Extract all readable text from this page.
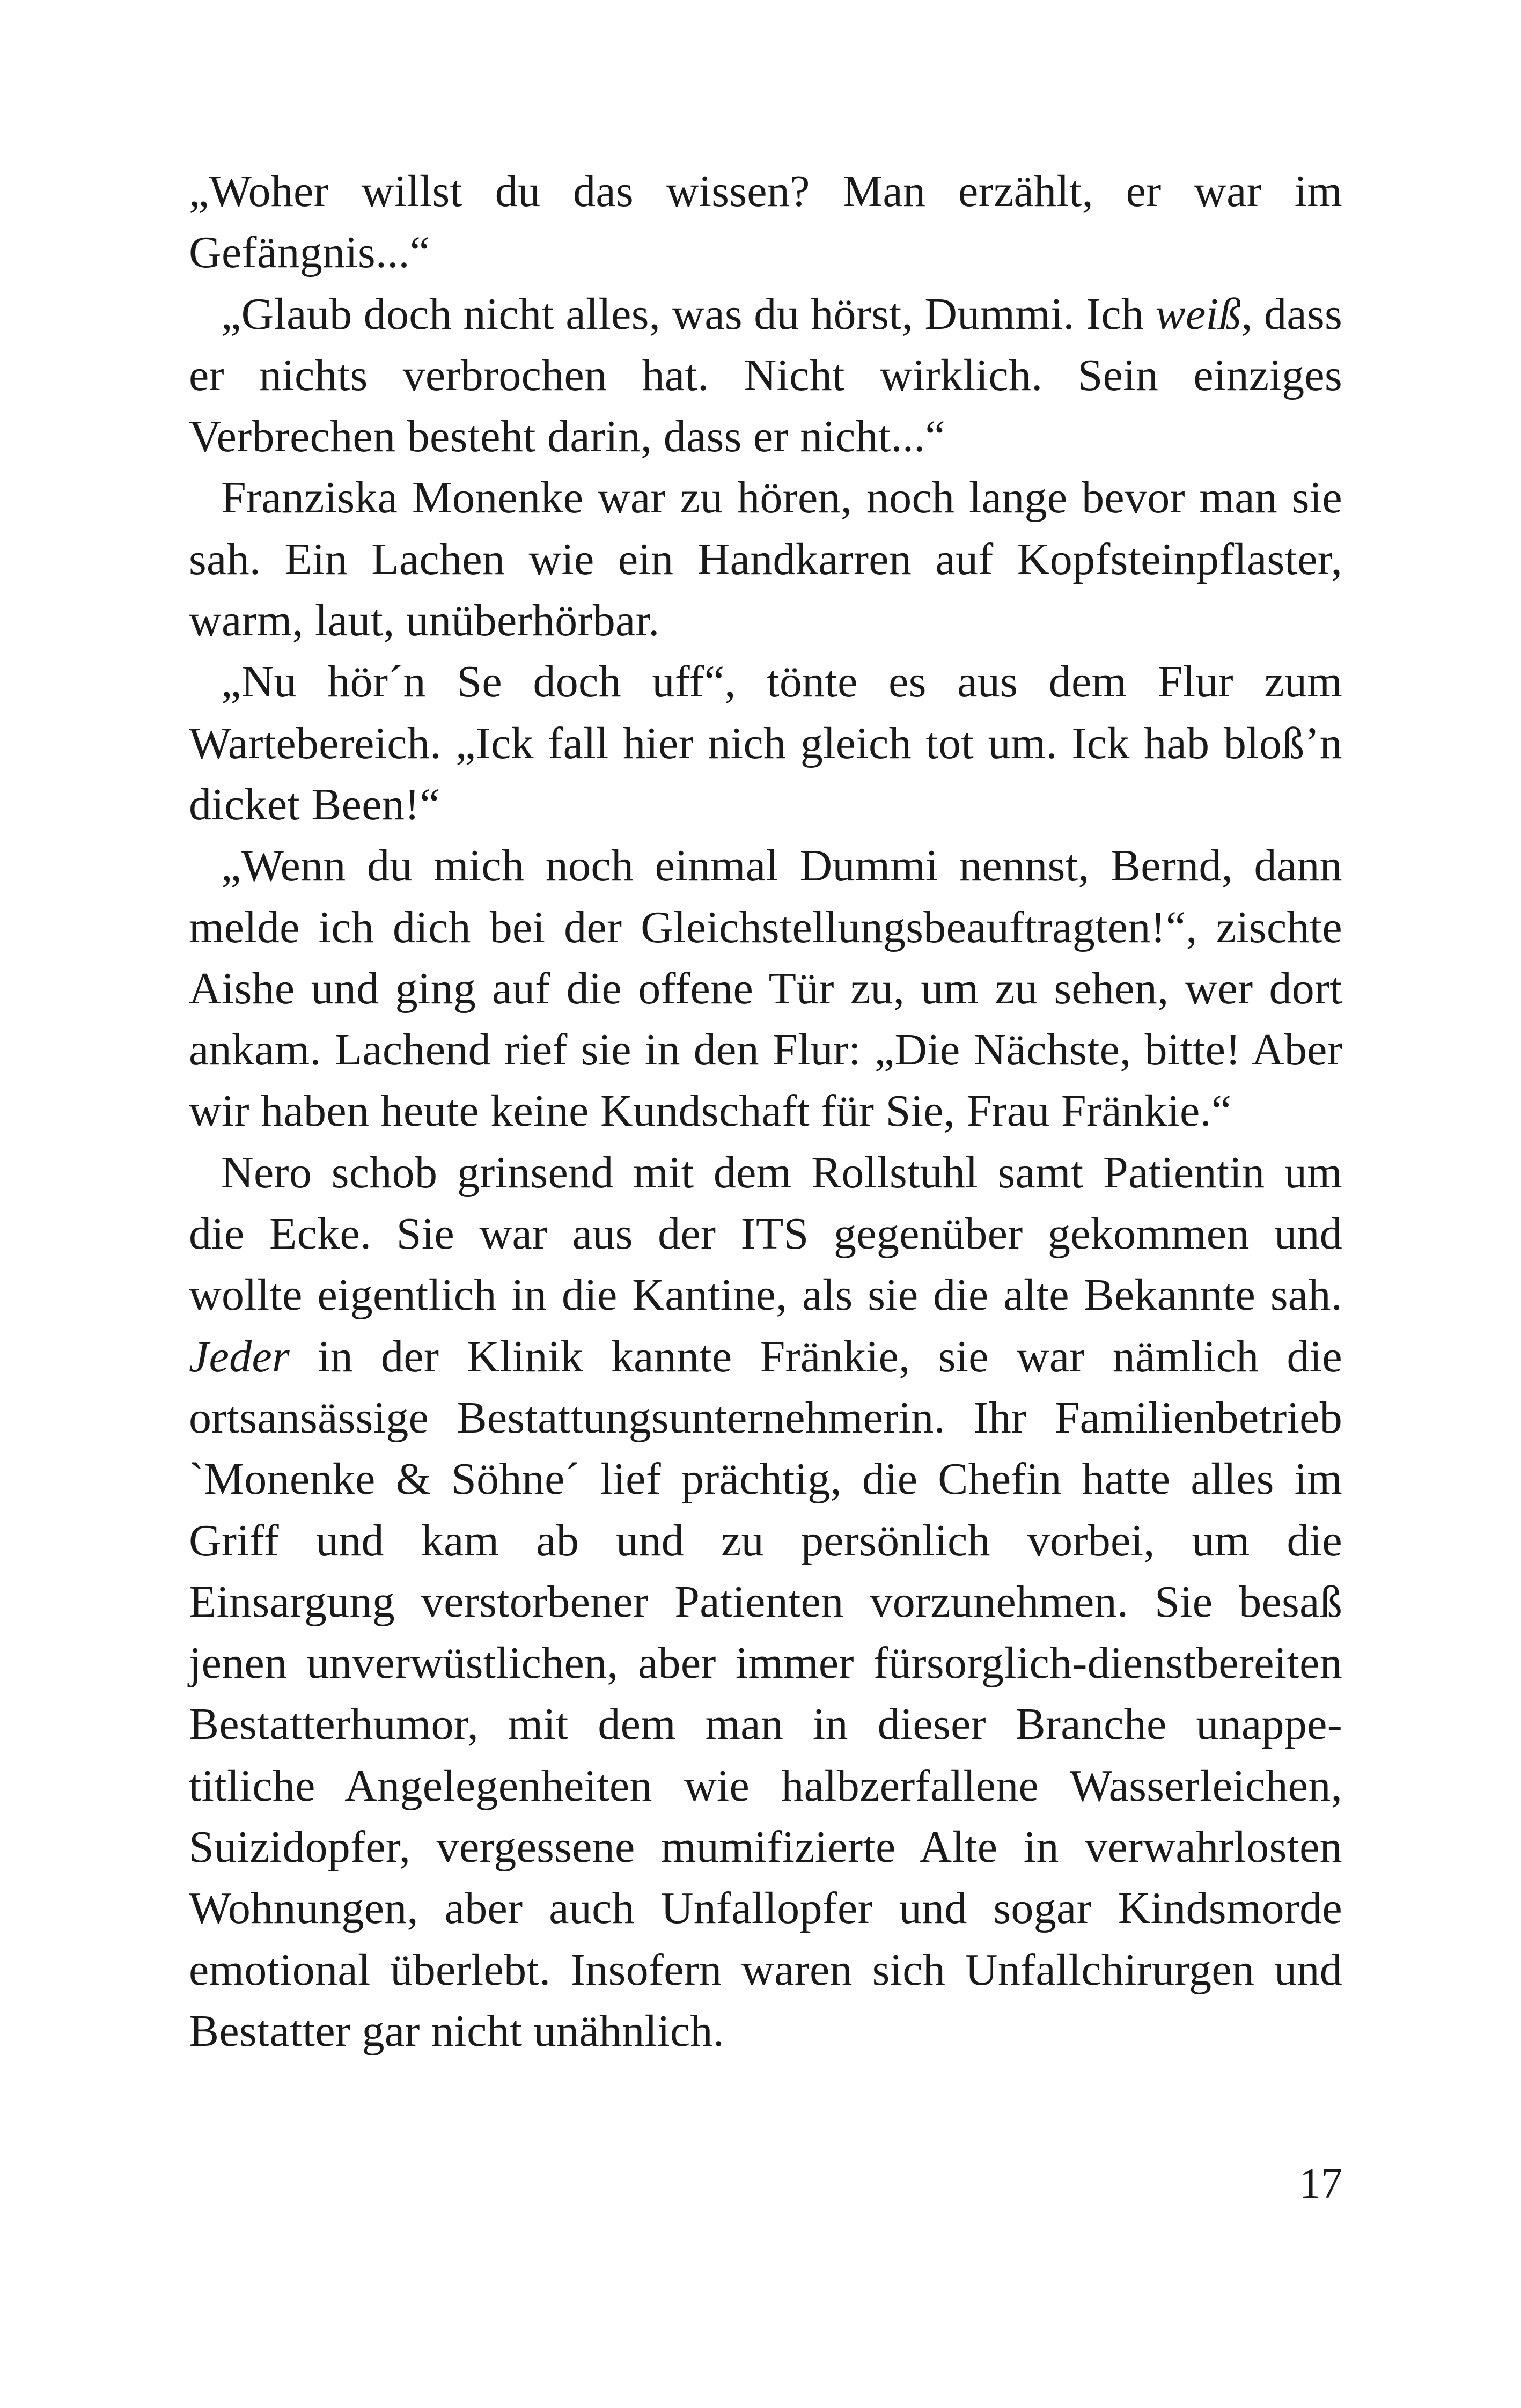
„Woher willst du das wissen? Man erzählt, er war im
Gefängnis...“
„Glaub doch nicht alles, was du hörst, Dummi. Ich weiß, dass
er nichts verbrochen hat. Nicht wirklich. Sein einziges
Verbrechen besteht darin, dass er nicht...“
Franziska Monenke war zu hören, noch lange bevor man sie
sah. Ein Lachen wie ein Handkarren auf Kopfsteinpflaster,
warm, laut, unüberhörbar.
„Nu hör´n Se doch uff“, tönte es aus dem Flur zum
Wartebereich. „Ick fall hier nich gleich tot um. Ick hab bloß’n
dicket Been!“
„Wenn du mich noch einmal Dummi nennst, Bernd, dann
melde ich dich bei der Gleichstellungsbeauftragten!“, zischte
Aishe und ging auf die offene Tür zu, um zu sehen, wer dort
ankam. Lachend rief sie in den Flur: „Die Nächste, bitte! Aber
wir haben heute keine Kundschaft für Sie, Frau Fränkie.“
Nero schob grinsend mit dem Rollstuhl samt Patientin um
die Ecke. Sie war aus der ITS gegenüber gekommen und
wollte eigentlich in die Kantine, als sie die alte Bekannte sah.
Jeder in der Klinik kannte Fränkie, sie war nämlich die
ortsansässige Bestattungsunternehmerin. Ihr Familienbetrieb
`Monenke & Söhne´ lief prächtig, die Chefin hatte alles im
Griff und kam ab und zu persönlich vorbei, um die
Einsargung verstorbener Patienten vorzunehmen. Sie besaß
jenen unverwüstlichen, aber immer fürsorglich-dienstbereiten
Bestatterhumor, mit dem man in dieser Branche unappe-
titliche Angelegenheiten wie halbzerfallene Wasserleichen,
Suizidopfer, vergessene mumifizierte Alte in verwahrlosten
Wohnungen, aber auch Unfallopfer und sogar Kindsmorde
emotional überlebt. Insofern waren sich Unfallchirurgen und
Bestatter gar nicht unähnlich.
17
